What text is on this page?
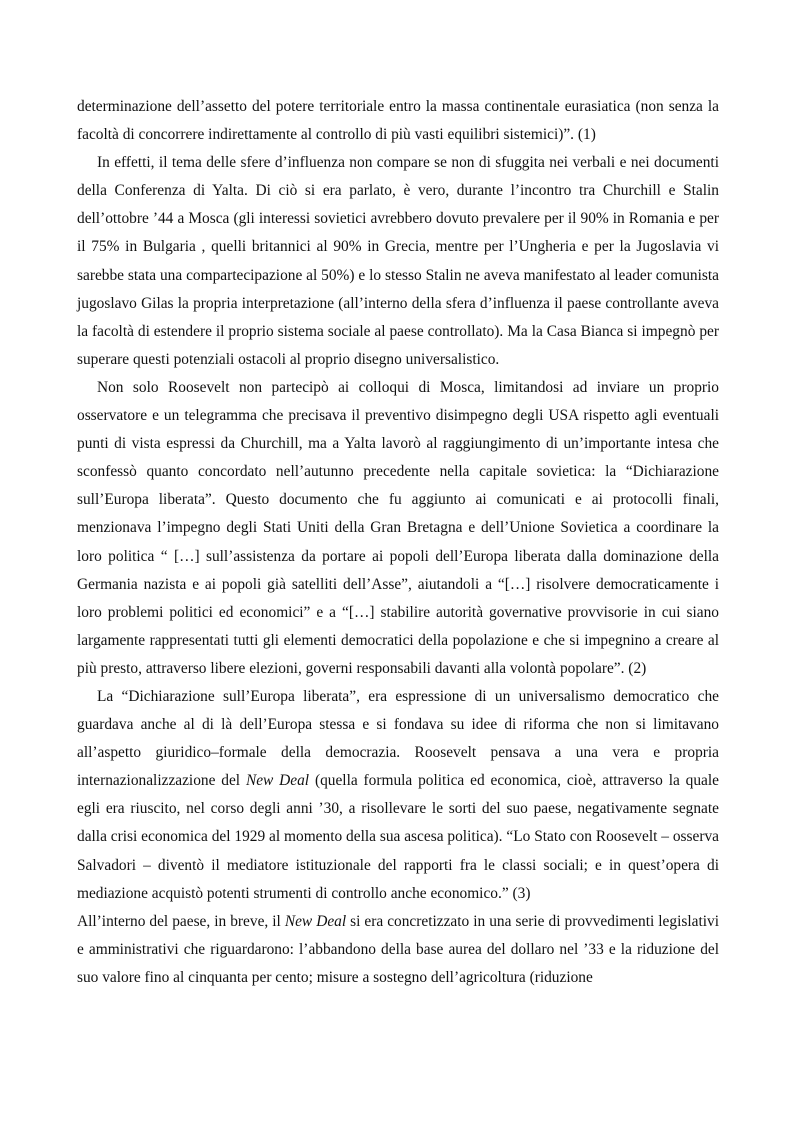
determinazione dell’assetto del potere territoriale entro la massa continentale eurasiatica (non senza la facoltà di concorrere indirettamente al controllo di più vasti equilibri sistemici)”. (1)

In effetti, il tema delle sfere d’influenza non compare se non di sfuggita nei verbali e nei documenti della Conferenza di Yalta. Di ciò si era parlato, è vero, durante l’incontro tra Churchill e Stalin dell’ottobre ’44 a Mosca (gli interessi sovietici avrebbero dovuto prevalere per il 90% in Romania e per il 75% in Bulgaria , quelli britannici al 90% in Grecia, mentre per l’Ungheria e per la Jugoslavia vi sarebbe stata una compartecipazione al 50%) e lo stesso Stalin ne aveva manifestato al leader comunista jugoslavo Gilas la propria interpretazione (all’interno della sfera d’influenza il paese controllante aveva la facoltà di estendere il proprio sistema sociale al paese controllato). Ma la Casa Bianca si impegnò per superare questi potenziali ostacoli al proprio disegno universalistico.

Non solo Roosevelt non partecipò ai colloqui di Mosca, limitandosi ad inviare un proprio osservatore e un telegramma che precisava il preventivo disimpegno degli USA rispetto agli eventuali punti di vista espressi da Churchill, ma a Yalta lavorò al raggiungimento di un’importante intesa che sconfessò quanto concordato nell’autunno precedente nella capitale sovietica: la “Dichiarazione sull’Europa liberata”. Questo documento che fu aggiunto ai comunicati e ai protocolli finali, menzionava l’impegno degli Stati Uniti della Gran Bretagna e dell’Unione Sovietica a coordinare la loro politica “ […] sull’assistenza da portare ai popoli dell’Europa liberata dalla dominazione della Germania nazista e ai popoli già satelliti dell’Asse”, aiutandoli a “[…] risolvere democraticamente i loro problemi politici ed economici” e a “[…] stabilire autorità governative provvisorie in cui siano largamente rappresentati tutti gli elementi democratici della popolazione e che si impegnino a creare al più presto, attraverso libere elezioni, governi responsabili davanti alla volontà popolare”. (2)

La “Dichiarazione sull’Europa liberata”, era espressione di un universalismo democratico che guardava anche al di là dell’Europa stessa e si fondava su idee di riforma che non si limitavano all’aspetto giuridico–formale della democrazia. Roosevelt pensava a una vera e propria internazionalizzazione del New Deal (quella formula politica ed economica, cioè, attraverso la quale egli era riuscito, nel corso degli anni ’30, a risollevare le sorti del suo paese, negativamente segnate dalla crisi economica del 1929 al momento della sua ascesa politica). “Lo Stato con Roosevelt – osserva Salvadori – diventò il mediatore istituzionale del rapporti fra le classi sociali; e in quest’opera di mediazione acquistò potenti strumenti di controllo anche economico.” (3)

All’interno del paese, in breve, il New Deal si era concretizzato in una serie di provvedimenti legislativi e amministrativi che riguardarono: l’abbandono della base aurea del dollaro nel ’33 e la riduzione del suo valore fino al cinquanta per cento; misure a sostegno dell’agricoltura (riduzione
